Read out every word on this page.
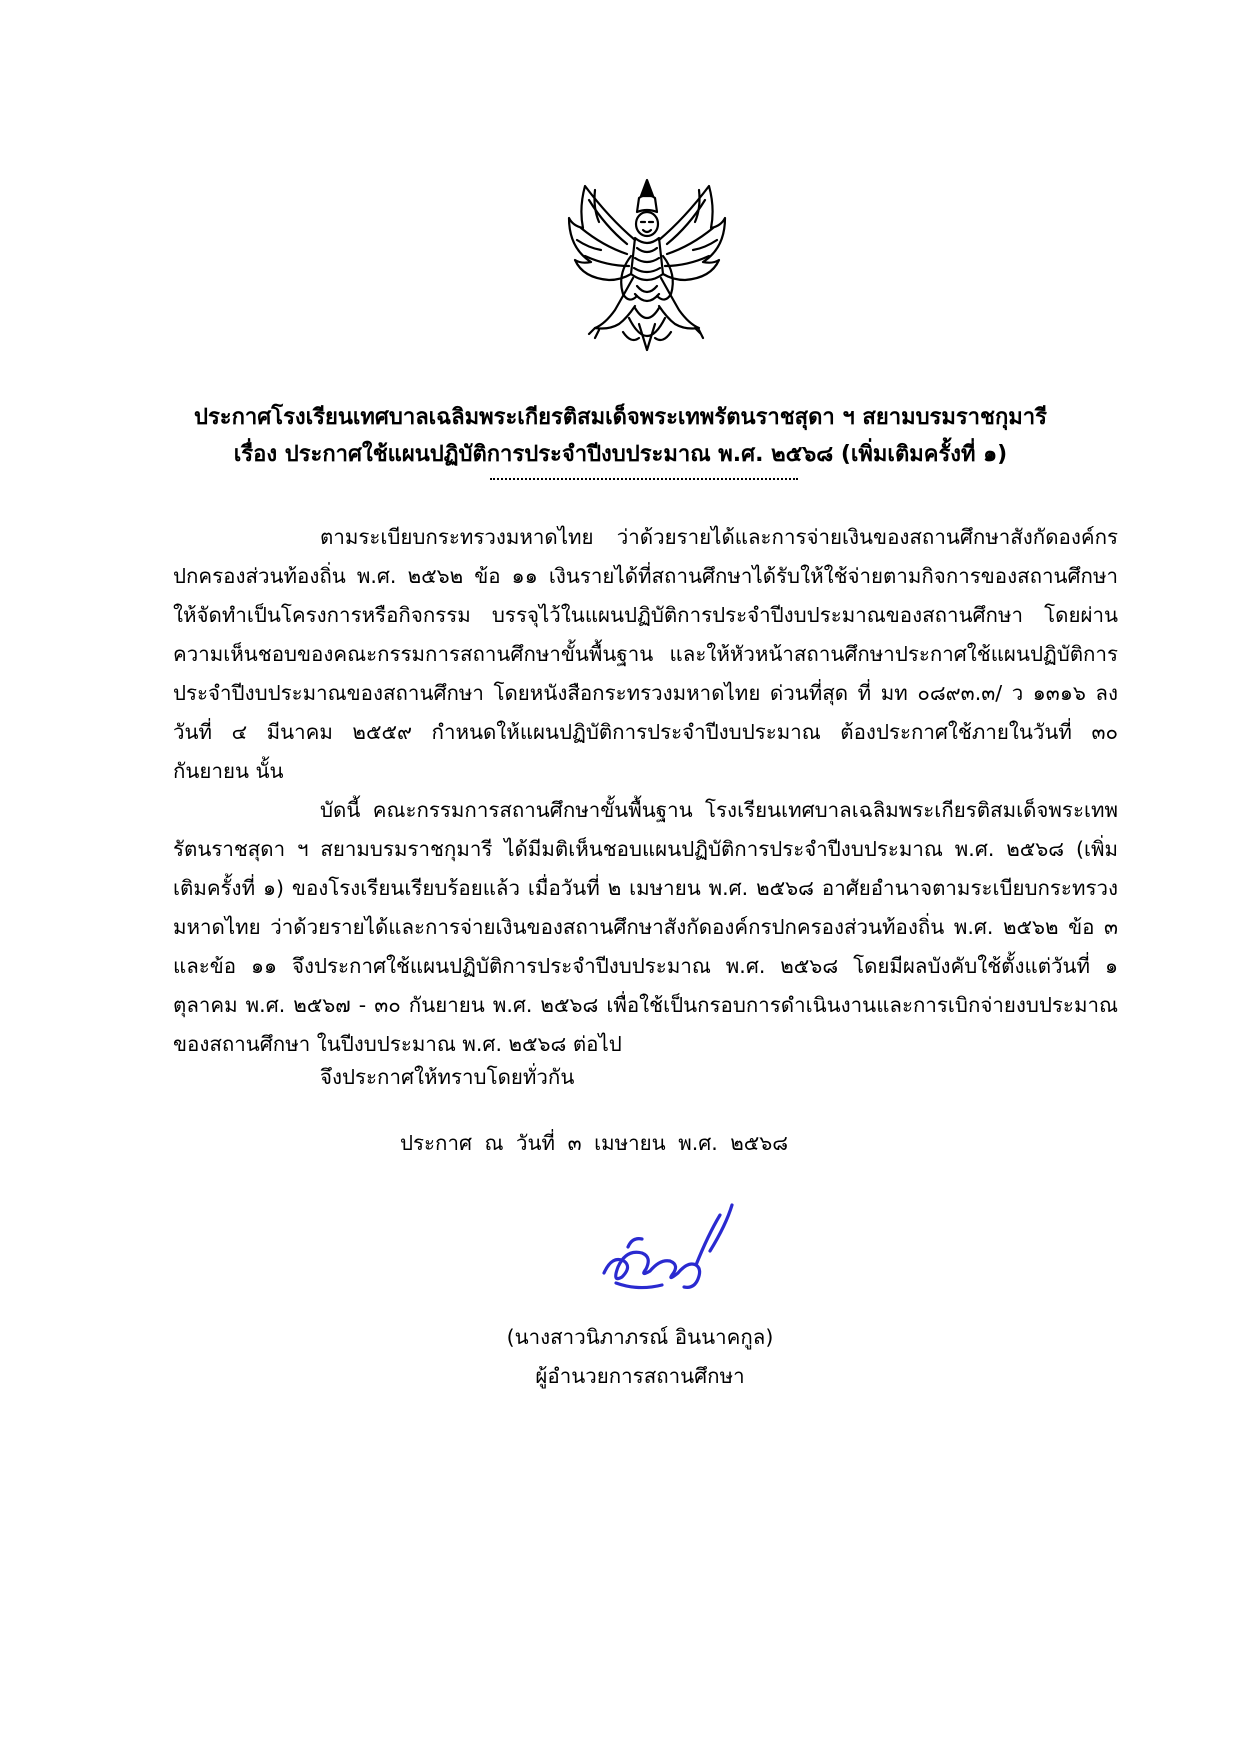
ประกาศโรงเรียนเทศบาลเฉลิมพระเกียรติสมเด็จพระเทพรัตนราชสุดา ฯ สยามบรมราชกุมารี
เรื่อง ประกาศใช้แผนปฏิบัติการประจำปีงบประมาณ พ.ศ. ๒๕๖๘ (เพิ่มเติมครั้งที่ ๑)

ตามระเบียบกระทรวงมหาดไทย ว่าด้วยรายได้และการจ่ายเงินของสถานศึกษาสังกัดองค์กรปกครองส่วนท้องถิ่น พ.ศ. ๒๕๖๒ ข้อ ๑๑ เงินรายได้ที่สถานศึกษาได้รับให้ใช้จ่ายตามกิจการของสถานศึกษาให้จัดทำเป็นโครงการหรือกิจกรรม บรรจุไว้ในแผนปฏิบัติการประจำปีงบประมาณของสถานศึกษา โดยผ่านความเห็นชอบของคณะกรรมการสถานศึกษาขั้นพื้นฐาน และให้หัวหน้าสถานศึกษาประกาศใช้แผนปฏิบัติการประจำปีงบประมาณของสถานศึกษา โดยหนังสือกระทรวงมหาดไทย ด่วนที่สุด ที่ มท ๐๘๙๓.๓/ ว ๑๓๑๖ ลงวันที่ ๔ มีนาคม ๒๕๕๙ กำหนดให้แผนปฏิบัติการประจำปีงบประมาณ ต้องประกาศใช้ภายในวันที่ ๓๐ กันยายน นั้น

บัดนี้ คณะกรรมการสถานศึกษาขั้นพื้นฐาน โรงเรียนเทศบาลเฉลิมพระเกียรติสมเด็จพระเทพรัตนราชสุดา ฯ สยามบรมราชกุมารี ได้มีมติเห็นชอบแผนปฏิบัติการประจำปีงบประมาณ พ.ศ. ๒๕๖๘ (เพิ่มเติมครั้งที่ ๑) ของโรงเรียนเรียบร้อยแล้ว เมื่อวันที่ ๒ เมษายน พ.ศ. ๒๕๖๘ อาศัยอำนาจตามระเบียบกระทรวงมหาดไทย ว่าด้วยรายได้และการจ่ายเงินของสถานศึกษาสังกัดองค์กรปกครองส่วนท้องถิ่น พ.ศ. ๒๕๖๒ ข้อ ๓ และข้อ ๑๑ จึงประกาศใช้แผนปฏิบัติการประจำปีงบประมาณ พ.ศ. ๒๕๖๘ โดยมีผลบังคับใช้ตั้งแต่วันที่ ๑ ตุลาคม พ.ศ. ๒๕๖๗ - ๓๐ กันยายน พ.ศ. ๒๕๖๘ เพื่อใช้เป็นกรอบการดำเนินงานและการเบิกจ่ายงบประมาณของสถานศึกษา ในปีงบประมาณ พ.ศ. ๒๕๖๘ ต่อไป

จึงประกาศให้ทราบโดยทั่วกัน
ประกาศ ณ วันที่ ๓ เมษายน พ.ศ. ๒๕๖๘
(นางสาวนิภาภรณ์ อินนาคกูล)
ผู้อำนวยการสถานศึกษา
